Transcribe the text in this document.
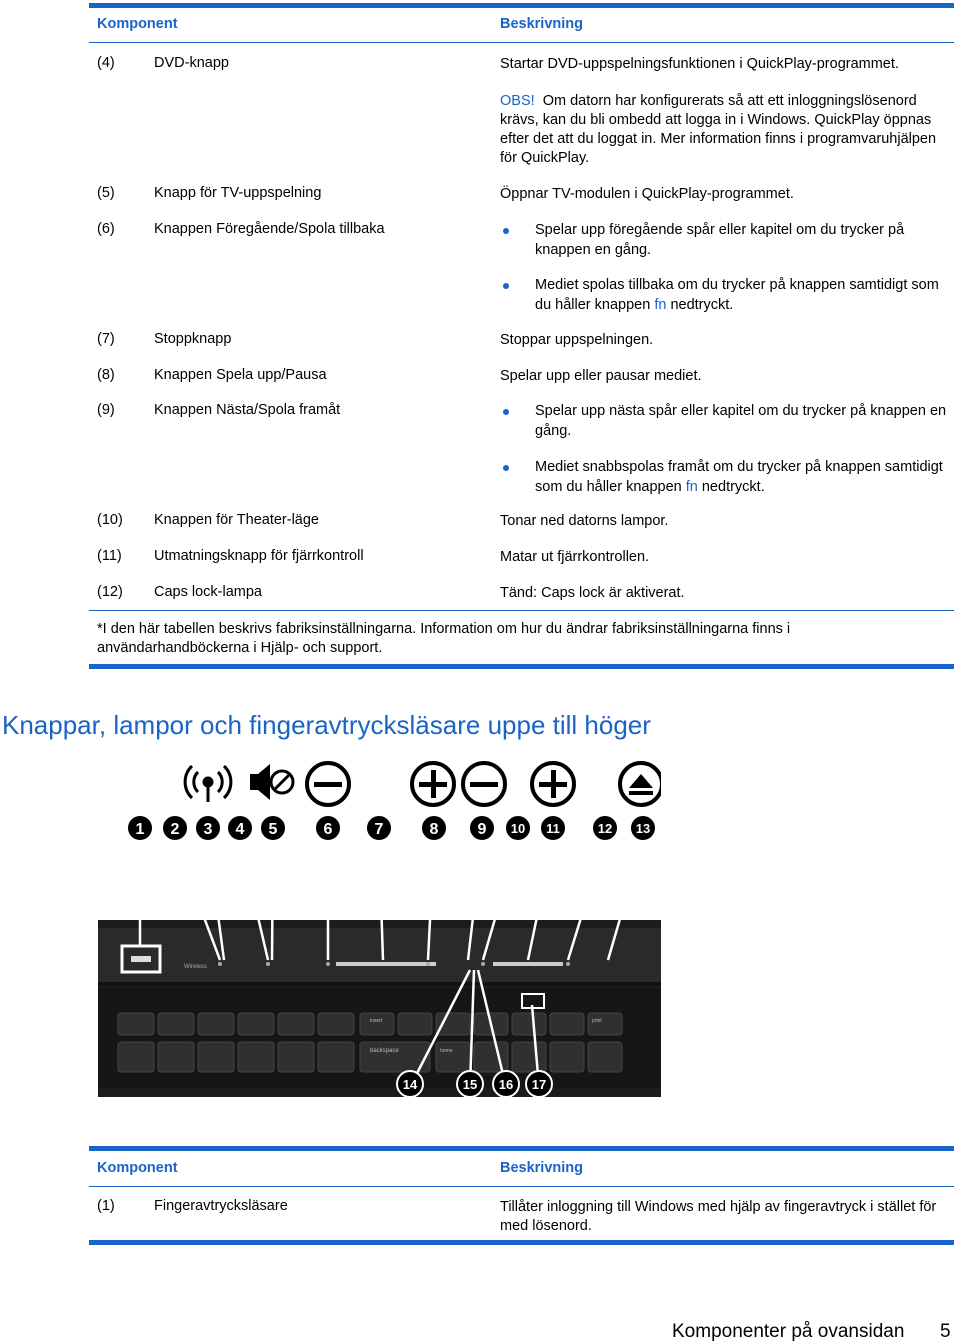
Komponent	Beskrivning
(4)	DVD-knapp	Startar DVD-uppspelningsfunktionen i QuickPlay-programmet.
OBS! Om datorn har konfigurerats så att ett inloggningslösenord krävs, kan du bli ombedd att logga in i Windows. QuickPlay öppnas efter det att du loggat in. Mer information finns i programvaruhjälpen för QuickPlay.
(5)	Knapp för TV-uppspelning	Öppnar TV-modulen i QuickPlay-programmet.
(6)	Knappen Föregående/Spola tillbaka	Spelar upp föregående spår eller kapitel om du trycker på knappen en gång.
Mediet spolas tillbaka om du trycker på knappen samtidigt som du håller knappen fn nedtryckt.
(7)	Stoppknapp	Stoppar uppspelningen.
(8)	Knappen Spela upp/Pausa	Spelar upp eller pausar mediet.
(9)	Knappen Nästa/Spola framåt	Spelar upp nästa spår eller kapitel om du trycker på knappen en gång.
Mediet snabbspolas framåt om du trycker på knappen samtidigt som du håller knappen fn nedtryckt.
(10) Knappen för Theater-läge	Tonar ned datorns lampor.
(11) Utmatningsknapp för fjärrkontroll	Matar ut fjärrkontrollen.
(12) Caps lock-lampa	Tänd: Caps lock är aktiverat.
*I den här tabellen beskrivs fabriksinställningarna. Information om hur du ändrar fabriksinställningarna finns i användarhandböckerna i Hjälp- och support.
Knappar, lampor och fingeravtrycksläsare uppe till höger
Wireless
backspace
insert
home
print
1 2 3 4 5	6	7	8 9 10 11	12 13
14	15 16 17
Komponent	Beskrivning
(1)	Fingeravtrycksläsare	Tillåter inloggning till Windows med hjälp av fingeravtryck i stället för med lösenord.
Komponenter på ovansidan 5
